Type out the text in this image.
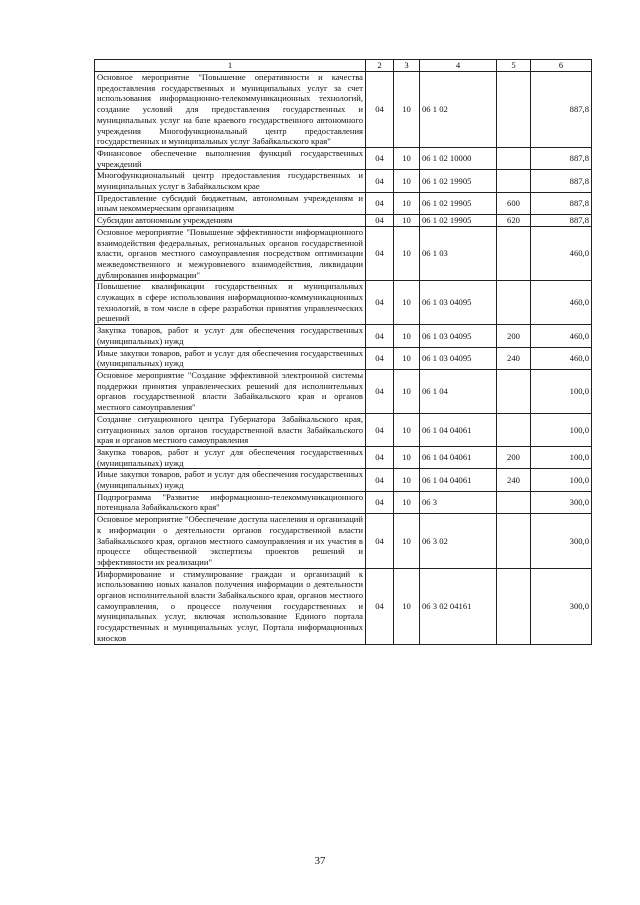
1	2	3	4	5	6
Основное мероприятие "Повышение оперативности и качества предоставления государственных и муниципальных услуг за счет использования информационно-телекоммуникационных технологий, создание условий для предоставления государственных и муниципальных услуг на базе краевого государственного автономного учреждения Многофункциональный центр предоставления государственных и муниципальных услуг Забайкальского края"	04	10	06 1 02		887,8
Финансовое обеспечение выполнения функций государственных учреждений	04	10	06 1 02 10000		887,8
Многофункциональный центр предоставления государственных и муниципальных услуг в Забайкальском крае	04	10	06 1 02 19905		887,8
Предоставление субсидий бюджетным, автономным учреждениям и иным некоммерческим организациям	04	10	06 1 02 19905	600	887,8
Субсидии автономным учреждениям	04	10	06 1 02 19905	620	887,8
Основное мероприятие "Повышение эффективности информационного взаимодействия федеральных, региональных органов государственной власти, органов местного самоуправления посредством оптимизации межведомственного и межуровневого взаимодействия, ликвидации дублирования информации"	04	10	06 1 03		460,0
Повышение квалификации государственных и муниципальных служащих в сфере использования информационно-коммуникационных технологий, в том числе в сфере разработки принятия управленческих решений	04	10	06 1 03 04095		460,0
Закупка товаров, работ и услуг для обеспечения государственных (муниципальных) нужд	04	10	06 1 03 04095	200	460,0
Иные закупки товаров, работ и услуг для обеспечения государственных (муниципальных) нужд	04	10	06 1 03 04095	240	460,0
Основное мероприятие "Создание эффективной электронной системы поддержки принятия управленческих решений для исполнительных органов государственной власти Забайкальского края и органов местного самоуправления"	04	10	06 1 04		100,0
Создание ситуационного центра Губернатора Забайкальского края, ситуационных залов органов государственной власти Забайкальского края и органов местного самоуправления	04	10	06 1 04 04061		100,0
Закупка товаров, работ и услуг для обеспечения государственных (муниципальных) нужд	04	10	06 1 04 04061	200	100,0
Иные закупки товаров, работ и услуг для обеспечения государственных (муниципальных) нужд	04	10	06 1 04 04061	240	100,0
Подпрограмма "Развитие информационно-телекоммуникационного потенциала Забайкальского края"	04	10	06 3		300,0
Основное мероприятие "Обеспечение доступа населения и организаций к информации о деятельности органов государственной власти Забайкальского края, органов местного самоуправления и их участия в процессе общественной экспертизы проектов решений и эффективности их реализации"	04	10	06 3 02		300,0
Информирование и стимулирование граждан и организаций к использованию новых каналов получения информации о деятельности органов исполнительной власти Забайкальского края, органов местного самоуправления, о процессе получения государственных и муниципальных услуг, включая использование Единого портала государственных и муниципальных услуг, Портала информационных киосков	04	10	06 3 02 04161		300,0
37
